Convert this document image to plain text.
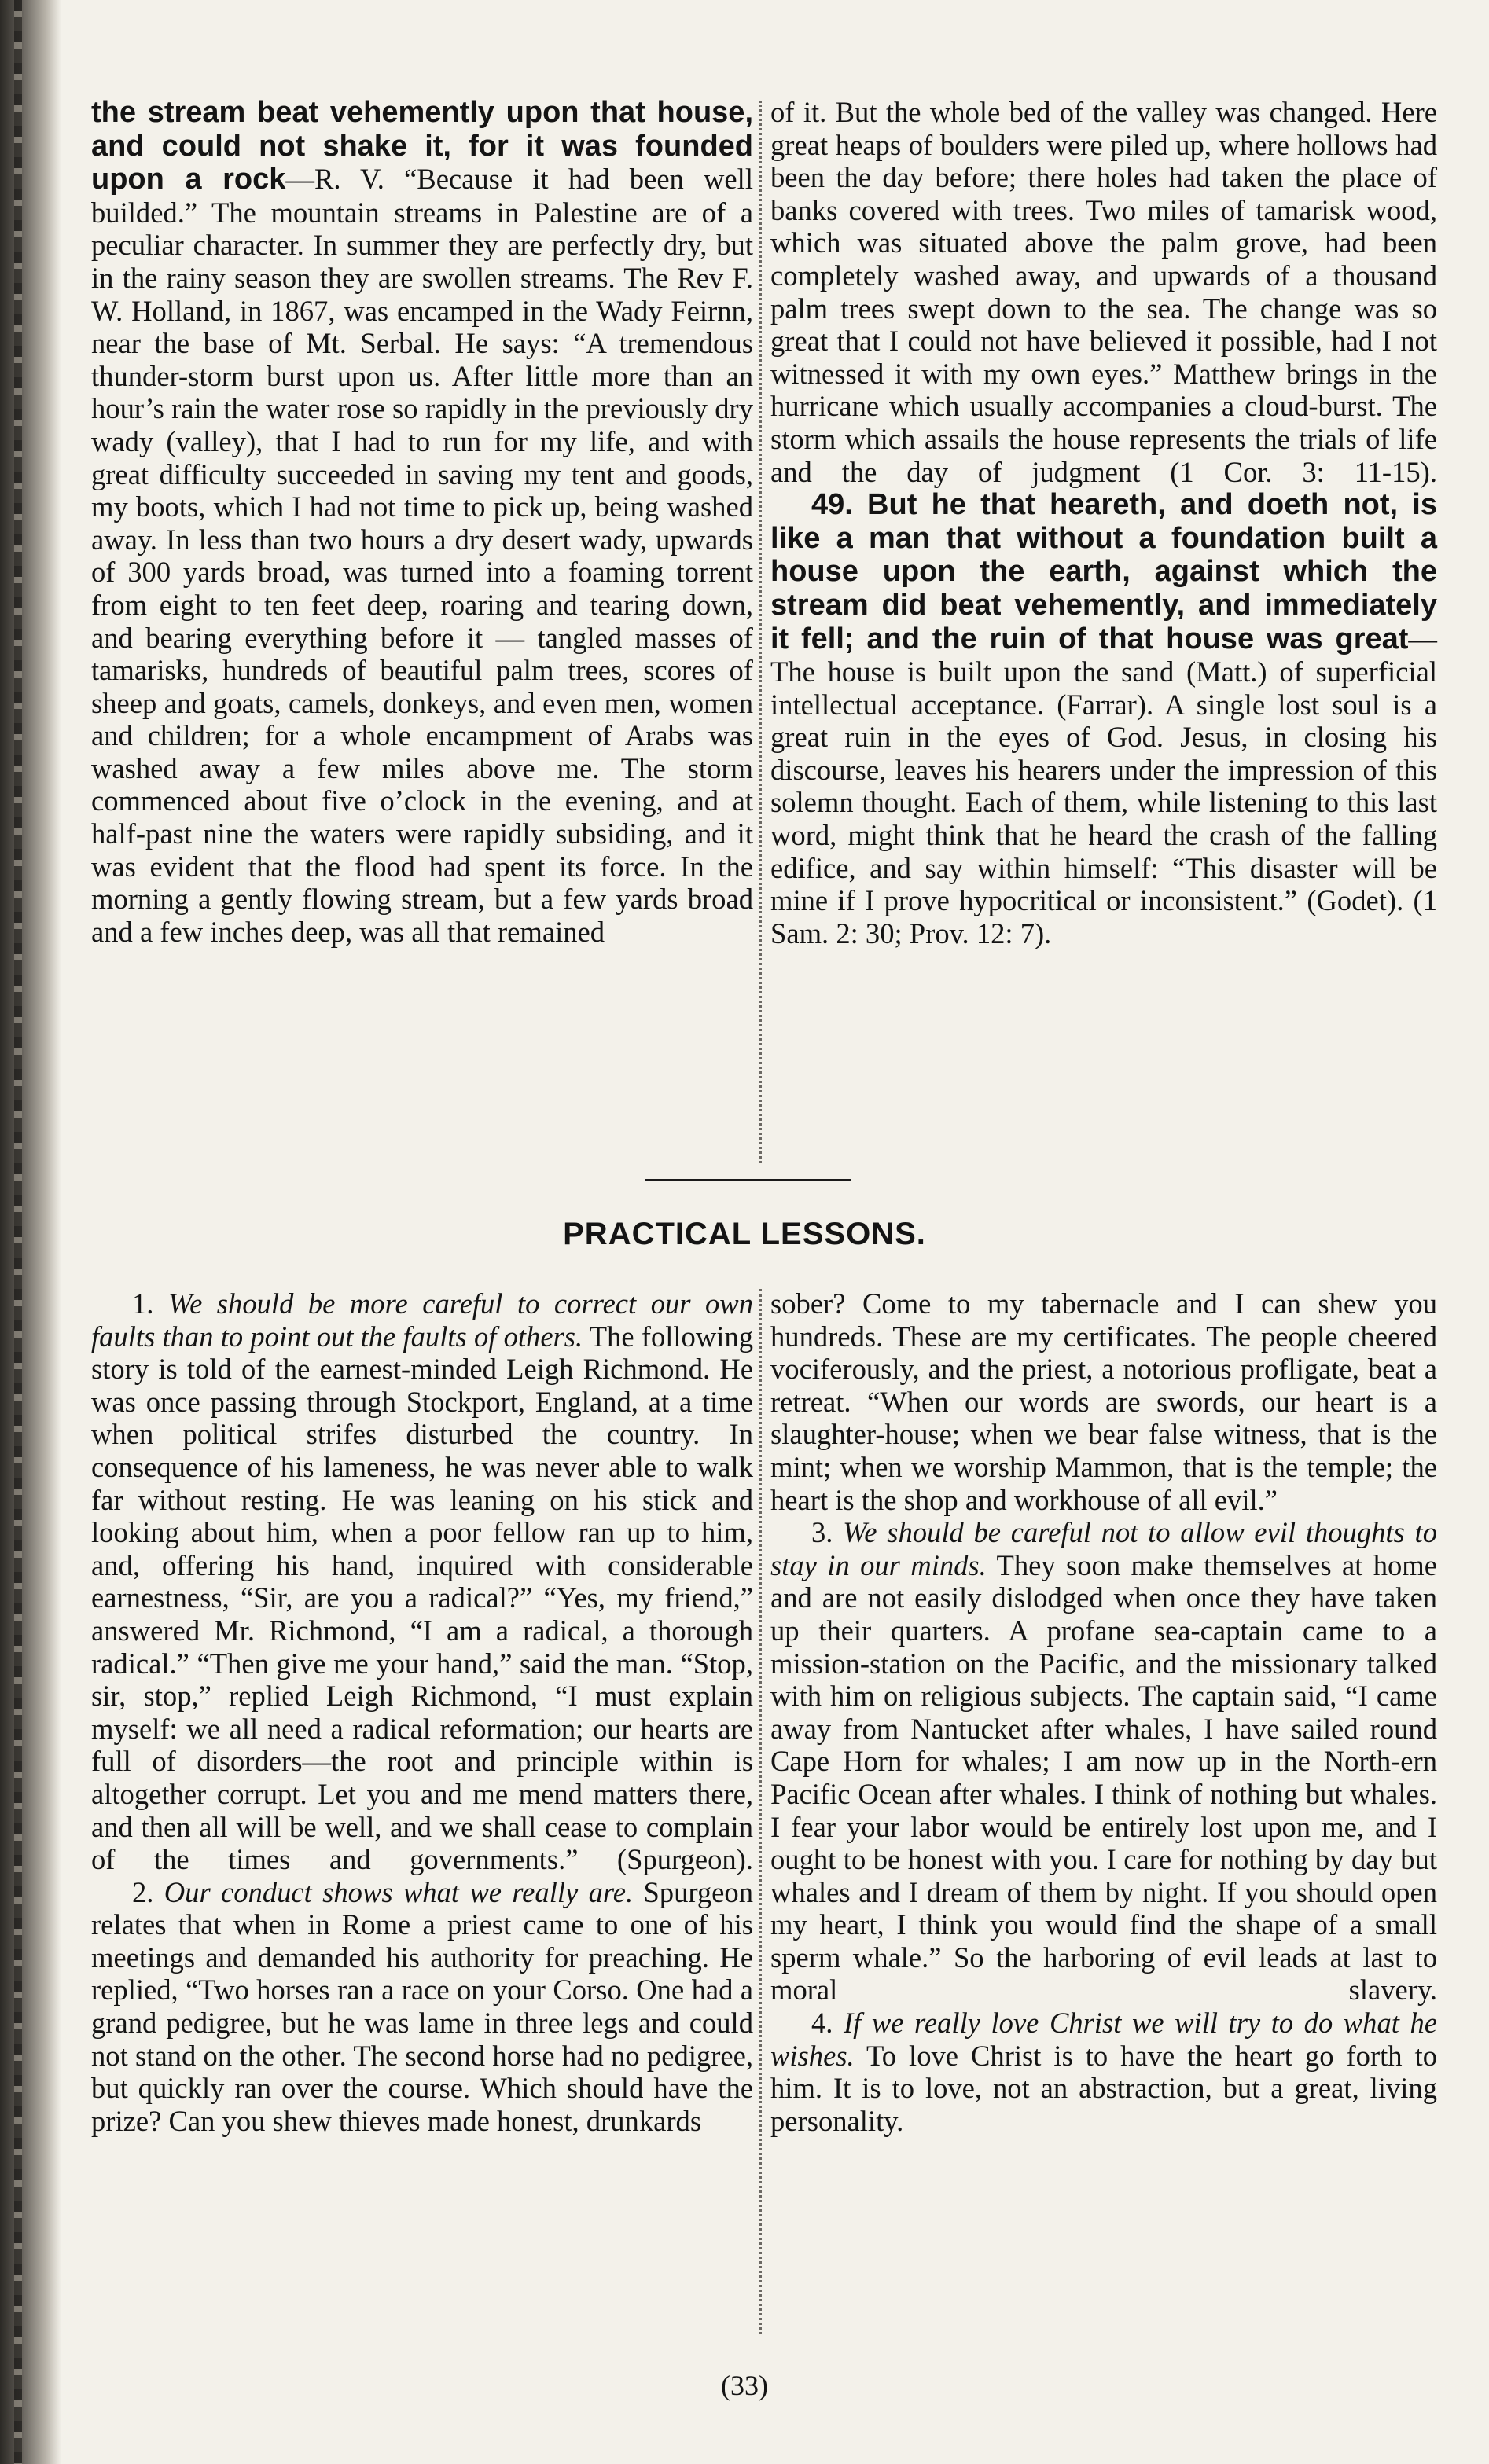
the stream beat vehemently upon that house, and could not shake it, for it was founded upon a rock—R. V. “Because it had been well builded.” The mountain streams in Palestine are of a peculiar character. In summer they are perfectly dry, but in the rainy season they are swollen streams. The Rev F. W. Holland, in 1867, was encamped in the Wady Feirnn, near the base of Mt. Serbal. He says: “A tremendous thunder-storm burst upon us. After little more than an hour’s rain the water rose so rapidly in the previously dry wady (valley), that I had to run for my life, and with great difficulty succeeded in saving my tent and goods, my boots, which I had not time to pick up, being washed away. In less than two hours a dry desert wady, upwards of 300 yards broad, was turned into a foaming torrent from eight to ten feet deep, roaring and tearing down, and bearing everything before it — tangled masses of tamarisks, hundreds of beautiful palm trees, scores of sheep and goats, camels, donkeys, and even men, women and children; for a whole encampment of Arabs was washed away a few miles above me. The storm commenced about five o’clock in the evening, and at half-past nine the waters were rapidly subsiding, and it was evident that the flood had spent its force. In the morning a gently flowing stream, but a few yards broad and a few inches deep, was all that remained

of it. But the whole bed of the valley was changed. Here great heaps of boulders were piled up, where hollows had been the day before; there holes had taken the place of banks covered with trees. Two miles of tamarisk wood, which was situated above the palm grove, had been completely washed away, and upwards of a thousand palm trees swept down to the sea. The change was so great that I could not have believed it possible, had I not witnessed it with my own eyes.” Matthew brings in the hurricane which usually accompanies a cloud-burst. The storm which assails the house represents the trials of life and the day of judgment (1 Cor. 3: 11-15).

49. But he that heareth, and doeth not, is like a man that without a foundation built a house upon the earth, against which the stream did beat vehemently, and immediately it fell; and the ruin of that house was great—The house is built upon the sand (Matt.) of superficial intellectual acceptance. (Farrar). A single lost soul is a great ruin in the eyes of God. Jesus, in closing his discourse, leaves his hearers under the impression of this solemn thought. Each of them, while listening to this last word, might think that he heard the crash of the falling edifice, and say within himself: “This disaster will be mine if I prove hypocritical or inconsistent.” (Godet). (1 Sam. 2: 30; Prov. 12: 7).

PRACTICAL LESSONS.

1. We should be more careful to correct our own faults than to point out the faults of others. The following story is told of the earnest-minded Leigh Richmond. He was once passing through Stockport, England, at a time when political strifes disturbed the country. In consequence of his lameness, he was never able to walk far without resting. He was leaning on his stick and looking about him, when a poor fellow ran up to him, and, offering his hand, inquired with considerable earnestness, “Sir, are you a radical?” “Yes, my friend,” answered Mr. Richmond, “I am a radical, a thorough radical.” “Then give me your hand,” said the man. “Stop, sir, stop,” replied Leigh Richmond, “I must explain myself: we all need a radical reformation; our hearts are full of disorders—the root and principle within is altogether corrupt. Let you and me mend matters there, and then all will be well, and we shall cease to complain of the times and governments.” (Spurgeon).

2. Our conduct shows what we really are. Spurgeon relates that when in Rome a priest came to one of his meetings and demanded his authority for preaching. He replied, “Two horses ran a race on your Corso. One had a grand pedigree, but he was lame in three legs and could not stand on the other. The second horse had no pedigree, but quickly ran over the course. Which should have the prize? Can you shew thieves made honest, drunkards

sober? Come to my tabernacle and I can shew you hundreds. These are my certificates. The people cheered vociferously, and the priest, a notorious profligate, beat a retreat. “When our words are swords, our heart is a slaughter-house; when we bear false witness, that is the mint; when we worship Mammon, that is the temple; the heart is the shop and workhouse of all evil.”

3. We should be careful not to allow evil thoughts to stay in our minds. They soon make themselves at home and are not easily dislodged when once they have taken up their quarters. A profane sea-captain came to a mission-station on the Pacific, and the missionary talked with him on religious subjects. The captain said, “I came away from Nantucket after whales, I have sailed round Cape Horn for whales; I am now up in the North-ern Pacific Ocean after whales. I think of nothing but whales. I fear your labor would be entirely lost upon me, and I ought to be honest with you. I care for nothing by day but whales and I dream of them by night. If you should open my heart, I think you would find the shape of a small sperm whale.” So the harboring of evil leads at last to moral slavery.

4. If we really love Christ we will try to do what he wishes. To love Christ is to have the heart go forth to him. It is to love, not an abstraction, but a great, living personality.

(33)
